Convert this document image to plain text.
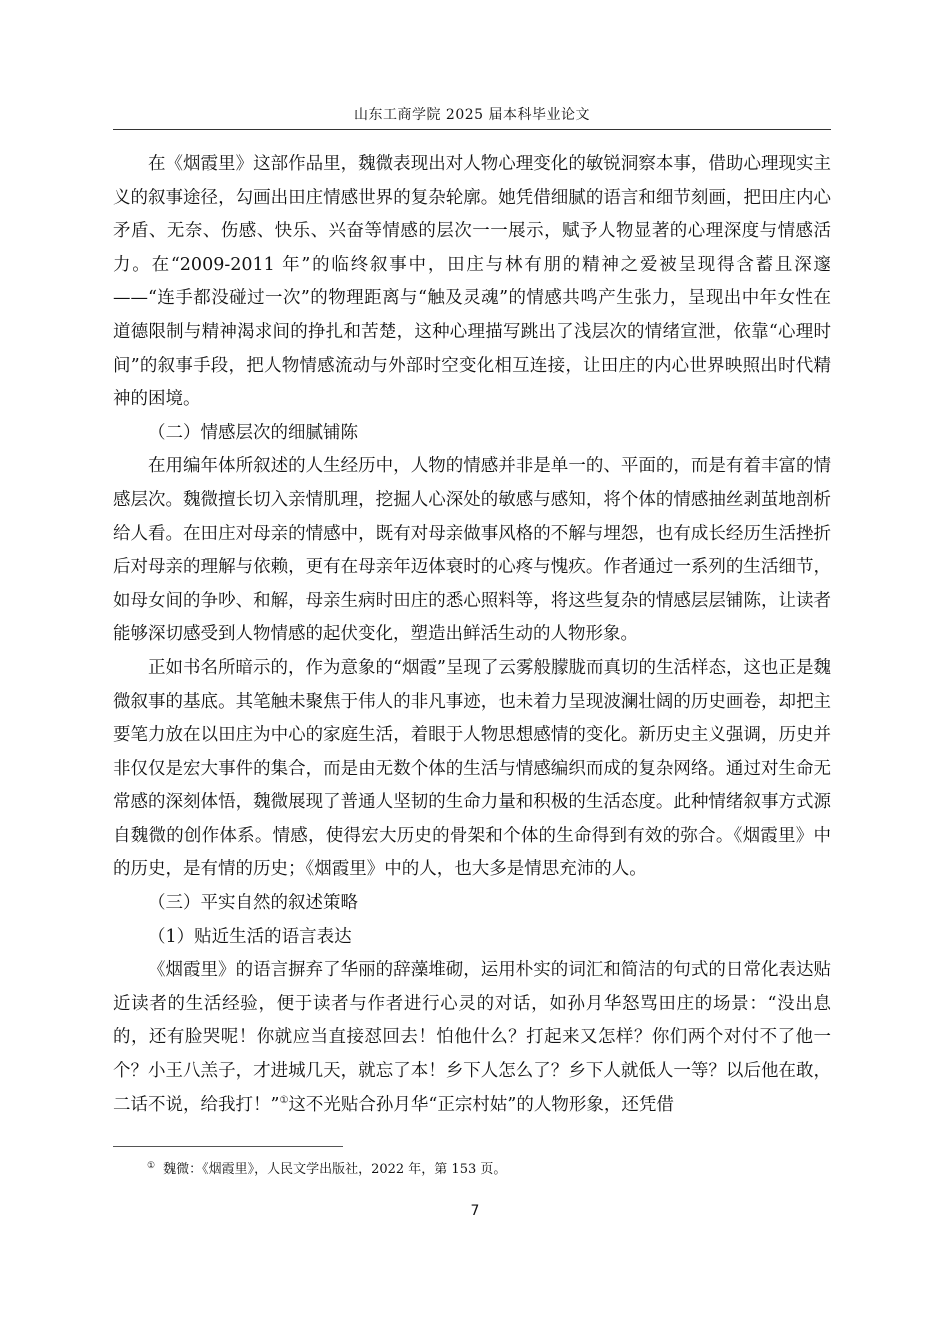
山东工商学院 2025 届本科毕业论文

在《烟霞里》这部作品里，魏微表现出对人物心理变化的敏锐洞察本事，借助心理现实主义的叙事途径，勾画出田庄情感世界的复杂轮廓。她凭借细腻的语言和细节刻画，把田庄内心矛盾、无奈、伤感、快乐、兴奋等情感的层次一一展示，赋予人物显著的心理深度与情感活力。在“2009-2011 年”的临终叙事中，田庄与林有朋的精神之爱被呈现得含蓄且深邃——“连手都没碰过一次”的物理距离与“触及灵魂”的情感共鸣产生张力，呈现出中年女性在道德限制与精神渴求间的挣扎和苦楚，这种心理描写跳出了浅层次的情绪宣泄，依靠“心理时间”的叙事手段，把人物情感流动与外部时空变化相互连接，让田庄的内心世界映照出时代精神的困境。

（二）情感层次的细腻铺陈

在用编年体所叙述的人生经历中，人物的情感并非是单一的、平面的，而是有着丰富的情感层次。魏微擅长切入亲情肌理，挖掘人心深处的敏感与感知，将个体的情感抽丝剥茧地剖析给人看。在田庄对母亲的情感中，既有对母亲做事风格的不解与埋怨，也有成长经历生活挫折后对母亲的理解与依赖，更有在母亲年迈体衰时的心疼与愧疚。作者通过一系列的生活细节，如母女间的争吵、和解，母亲生病时田庄的悉心照料等，将这些复杂的情感层层铺陈，让读者能够深切感受到人物情感的起伏变化，塑造出鲜活生动的人物形象。

正如书名所暗示的，作为意象的“烟霞”呈现了云雾般朦胧而真切的生活样态，这也正是魏微叙事的基底。其笔触未聚焦于伟人的非凡事迹，也未着力呈现波澜壮阔的历史画卷，却把主要笔力放在以田庄为中心的家庭生活，着眼于人物思想感情的变化。新历史主义强调，历史并非仅仅是宏大事件的集合，而是由无数个体的生活与情感编织而成的复杂网络。通过对生命无常感的深刻体悟，魏微展现了普通人坚韧的生命力量和积极的生活态度。此种情绪叙事方式源自魏微的创作体系。情感，使得宏大历史的骨架和个体的生命得到有效的弥合。《烟霞里》中的历史，是有情的历史；《烟霞里》中的人，也大多是情思充沛的人。

（三）平实自然的叙述策略

（1）贴近生活的语言表达

《烟霞里》的语言摒弃了华丽的辞藻堆砌，运用朴实的词汇和简洁的句式的日常化表达贴近读者的生活经验，便于读者与作者进行心灵的对话，如孙月华怒骂田庄的场景：“没出息的，还有脸哭呢！你就应当直接怼回去！怕他什么？打起来又怎样？你们两个对付不了他一个？小王八羔子，才进城几天，就忘了本！乡下人怎么了？乡下人就低人一等？以后他在敢，二话不说，给我打！”①这不光贴合孙月华“正宗村姑”的人物形象，还凭借

① 魏微：《烟霞里》，人民文学出版社，2022 年，第 153 页。
7
